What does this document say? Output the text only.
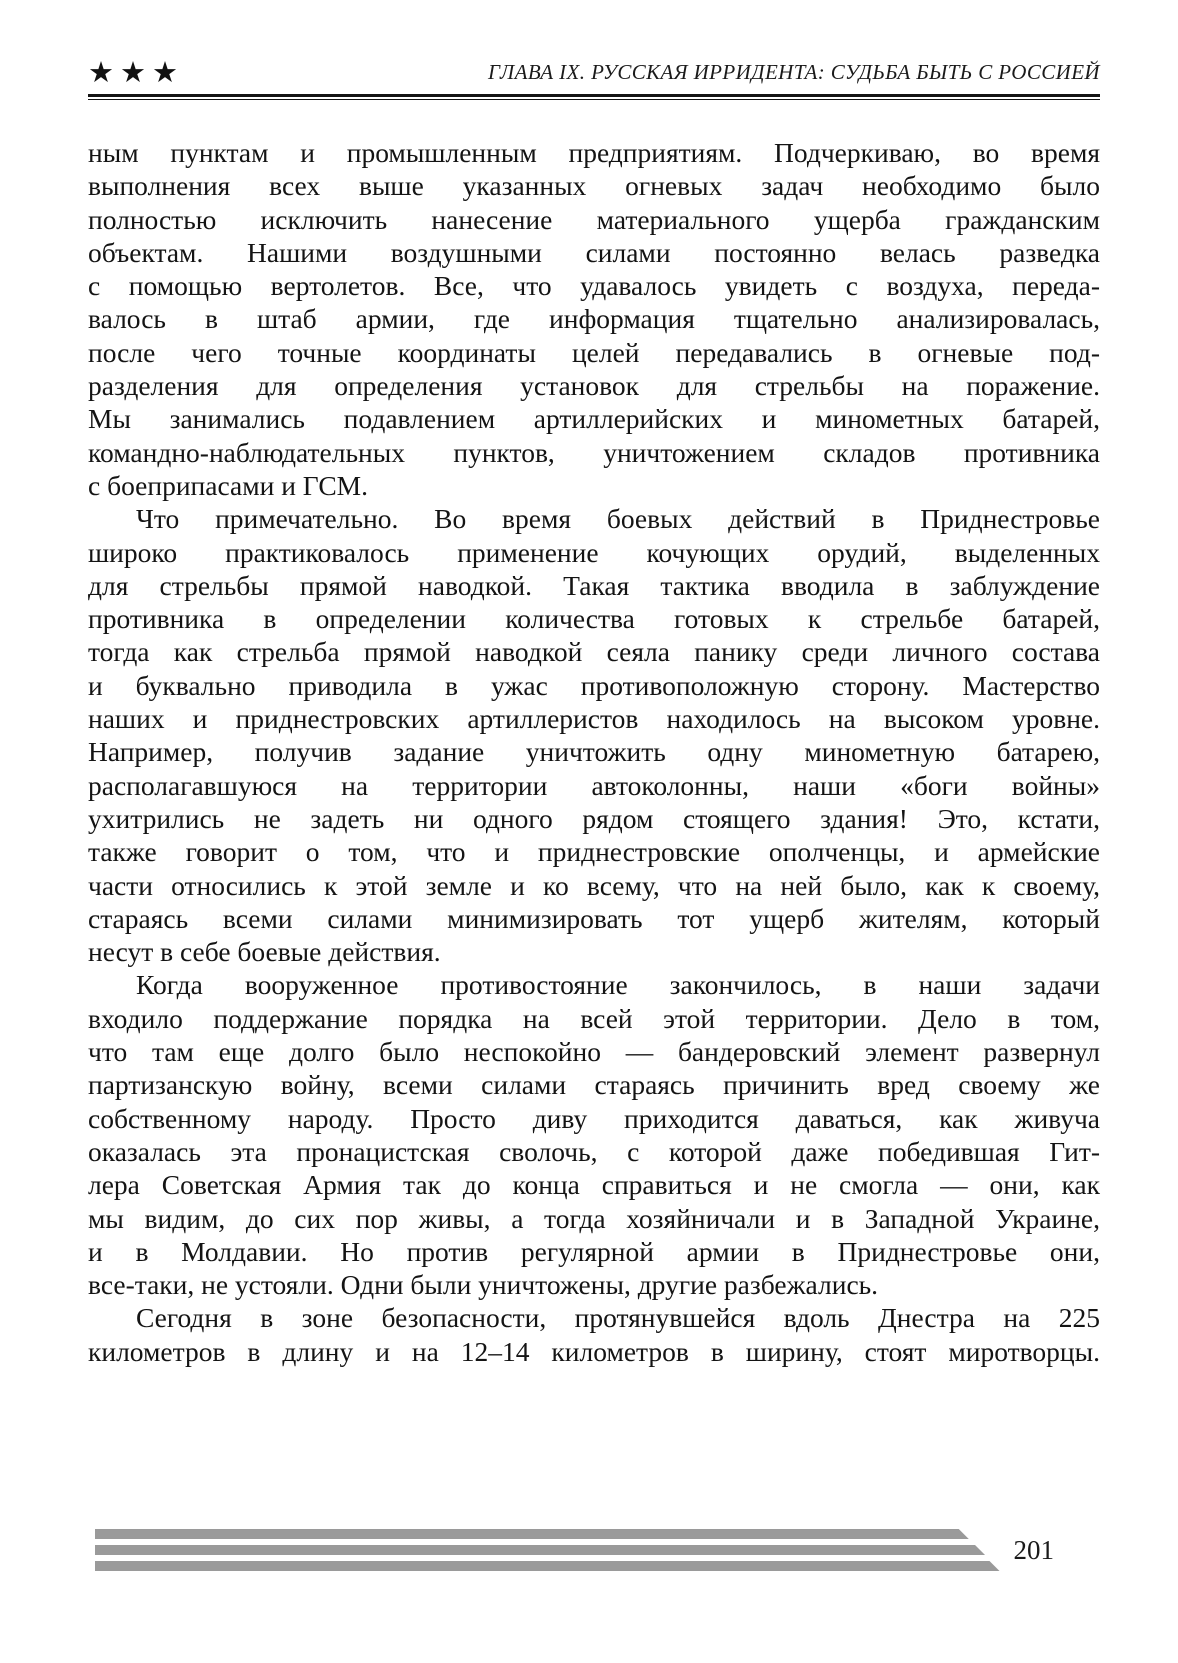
★★★	ГЛАВА IX. РУССКАЯ ИРРИДЕНТА: СУДЬБА БЫТЬ С РОССИЕЙ
ным пунктам и промышленным предприятиям. Подчеркиваю, во время
выполнения всех выше указанных огневых задач необходимо было
полностью исключить нанесение материального ущерба гражданским
объектам. Нашими воздушными силами постоянно велась разведка
с помощью вертолетов. Все, что удавалось увидеть с воздуха, переда-
валось в штаб армии, где информация тщательно анализировалась,
после чего точные координаты целей передавались в огневые под-
разделения для определения установок для стрельбы на поражение.
Мы занимались подавлением артиллерийских и минометных батарей,
командно-наблюдательных пунктов, уничтожением складов противника
с боеприпасами и ГСМ.
Что примечательно. Во время боевых действий в Приднестровье
широко практиковалось применение кочующих орудий, выделенных
для стрельбы прямой наводкой. Такая тактика вводила в заблуждение
противника в определении количества готовых к стрельбе батарей,
тогда как стрельба прямой наводкой сеяла панику среди личного состава
и буквально приводила в ужас противоположную сторону. Мастерство
наших и приднестровских артиллеристов находилось на высоком уровне.
Например, получив задание уничтожить одну минометную батарею,
располагавшуюся на территории автоколонны, наши «боги войны»
ухитрились не задеть ни одного рядом стоящего здания! Это, кстати,
также говорит о том, что и приднестровские ополченцы, и армейские
части относились к этой земле и ко всему, что на ней было, как к своему,
стараясь всеми силами минимизировать тот ущерб жителям, который
несут в себе боевые действия.
Когда вооруженное противостояние закончилось, в наши задачи
входило поддержание порядка на всей этой территории. Дело в том,
что там еще долго было неспокойно — бандеровский элемент развернул
партизанскую войну, всеми силами стараясь причинить вред своему же
собственному народу. Просто диву приходится даваться, как живуча
оказалась эта пронацистская сволочь, с которой даже победившая Гит-
лера Советская Армия так до конца справиться и не смогла — они, как
мы видим, до сих пор живы, а тогда хозяйничали и в Западной Украине,
и в Молдавии. Но против регулярной армии в Приднестровье они,
все-таки, не устояли. Одни были уничтожены, другие разбежались.
Сегодня в зоне безопасности, протянувшейся вдоль Днестра на 225
километров в длину и на 12–14 километров в ширину, стоят миротворцы.
201
